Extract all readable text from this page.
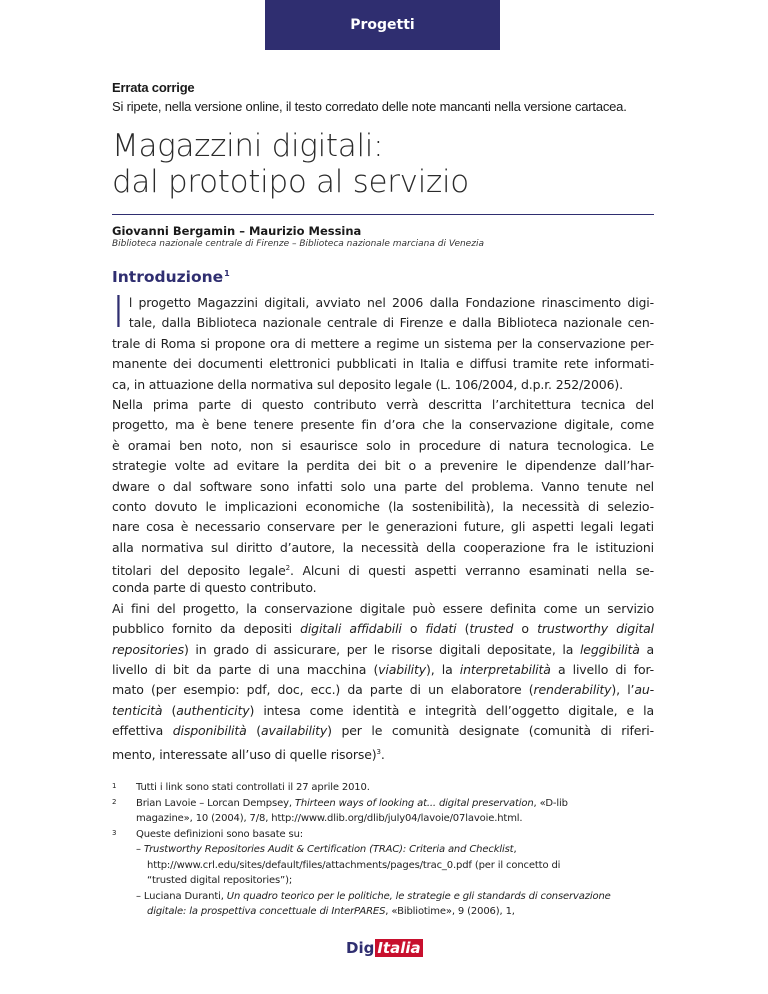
Progetti
Errata corrige
Si ripete, nella versione online, il testo corredato delle note mancanti nella versione cartacea.
Magazzini digitali:
dal prototipo al servizio
Giovanni Bergamin – Maurizio Messina
Biblioteca nazionale centrale di Firenze – Biblioteca nazionale marciana di Venezia
Introduzione$^1$
I l progetto Magazzini digitali, avviato nel 2006 dalla Fondazione rinascimento digi-
tale, dalla Biblioteca nazionale centrale di Firenze e dalla Biblioteca nazionale cen-
trale di Roma si propone ora di mettere a regime un sistema per la conservazione per-
manente dei documenti elettronici pubblicati in Italia e diffusi tramite rete informati-
ca, in attuazione della normativa sul deposito legale (L. 106/2004, d.p.r. 252/2006).
Nella prima parte di questo contributo verrà descritta l’architettura tecnica del
progetto, ma è bene tenere presente fin d’ora che la conservazione digitale, come
è oramai ben noto, non si esaurisce solo in procedure di natura tecnologica. Le
strategie volte ad evitare la perdita dei bit o a prevenire le dipendenze dall’har-
dware o dal software sono infatti solo una parte del problema. Vanno tenute nel
conto dovuto le implicazioni economiche (la sostenibilità), la necessità di selezio-
nare cosa è necessario conservare per le generazioni future, gli aspetti legali legati
alla normativa sul diritto d’autore, la necessità della cooperazione fra le istituzioni
titolari del deposito legale$^2$. Alcuni di questi aspetti verranno esaminati nella se-
conda parte di questo contributo.
Ai fini del progetto, la conservazione digitale può essere definita come un servizio
pubblico fornito da depositi digitali affidabili o fidati (trusted o trustworthy digital
repositories) in grado di assicurare, per le risorse digitali depositate, la leggibilità a
livello di bit da parte di una macchina (viability), la interpretabilità a livello di for-
mato (per esempio: pdf, doc, ecc.) da parte di un elaboratore (renderability), l’au-
tenticità (authenticity) intesa come identità e integrità dell’oggetto digitale, e la
effettiva disponibilità (availability) per le comunità designate (comunità di riferi-
mento, interessate all’uso di quelle risorse)$^3$.
1	Tutti i link sono stati controllati il 27 aprile 2010.
2	Brian Lavoie – Lorcan Dempsey, Thirteen ways of looking at... digital preservation, «D-lib
magazine», 10 (2004), 7/8, http://www.dlib.org/dlib/july04/lavoie/07lavoie.html.
3	Queste definizioni sono basate su:
– Trustworthy Repositories Audit & Certification (TRAC): Criteria and Checklist,
http://www.crl.edu/sites/default/files/attachments/pages/trac_0.pdf (per il concetto di
“trusted digital repositories”);
– Luciana Duranti, Un quadro teorico per le politiche, le strategie e gli standards di conservazione
digitale: la prospettiva concettuale di InterPARES, «Bibliotime», 9 (2006), 1,
Dig Italia
